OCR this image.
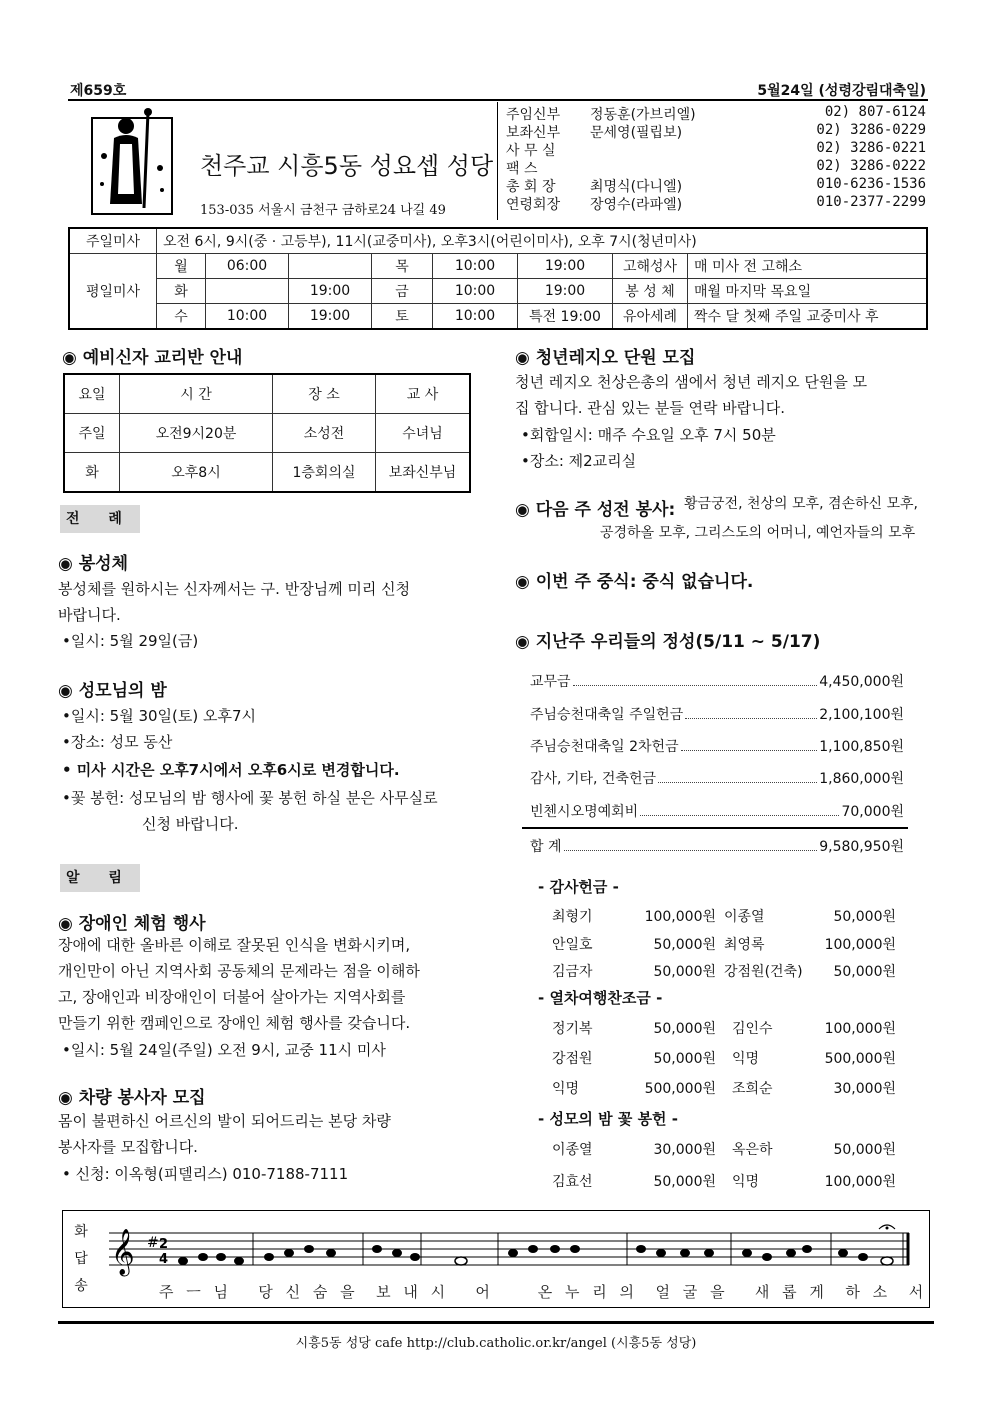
제659호	5월24일 (성령강림대축일)
천주교 시흥5동 성요셉 성당
153-035 서울시 금천구 금하로24 나길 49
주임신부 정동훈(가브리엘)	02) 807-6124
보좌신부 문세영(필립보)	02) 3286-0229
사 무 실	02) 3286-0221
팩 스	02) 3286-0222
총 회 장 최명식(다니엘)	010-6236-1536
연령회장 장영수(라파엘)	010-2377-2299
주일미사	오전 6시, 9시(중 · 고등부), 11시(교중미사), 오후3시(어린이미사), 오후 7시(청년미사)							
평일미사	월	06:00		목	10:00	19:00	고해성사	매 미사 전 고해소
	화		19:00	금	10:00	19:00	봉 성 체	매월 마지막 목요일
	수	10:00	19:00	토	10:00	특전 19:00	유아세례	짝수 달 첫째 주일 교중미사 후
◉ 예비신자 교리반 안내
요일	시 간	장 소	교 사
주일	오전9시20분	소성전	수녀님
화	오후8시	1층회의실	보좌신부님
전 례
◉ 봉성체
봉성체를 원하시는 신자께서는 구. 반장님께 미리 신청
바랍니다.
•일시: 5월 29일(금)
◉ 성모님의 밤
•일시: 5월 30일(토) 오후7시
•장소: 성모 동산
• 미사 시간은 오후7시에서 오후6시로 변경합니다.
•꽃 봉헌: 성모님의 밤 행사에 꽃 봉헌 하실 분은 사무실로
신청 바랍니다.
알 림
◉ 장애인 체험 행사
장애에 대한 올바른 이해로 잘못된 인식을 변화시키며,
개인만이 아닌 지역사회 공동체의 문제라는 점을 이해하
고, 장애인과 비장애인이 더불어 살아가는 지역사회를
만들기 위한 캠페인으로 장애인 체험 행사를 갖습니다.
•일시: 5월 24일(주일) 오전 9시, 교중 11시 미사
◉ 차량 봉사자 모집
몸이 불편하신 어르신의 발이 되어드리는 본당 차량
봉사자를 모집합니다.
• 신청: 이옥형(피델리스) 010-7188-7111
◉ 청년레지오 단원 모집
청년 레지오 천상은총의 샘에서 청년 레지오 단원을 모
집 합니다. 관심 있는 분들 연락 바랍니다.
•회합일시: 매주 수요일 오후 7시 50분
•장소: 제2교리실
◉ 다음 주 성전 봉사: 황금궁전, 천상의 모후, 겸손하신 모후,
공경하올 모후, 그리스도의 어머니, 예언자들의 모후
◉ 이번 주 중식: 중식 없습니다.
◉ 지난주 우리들의 정성(5/11 ~ 5/17)
교무금	4,450,000원
주님승천대축일 주일헌금	2,100,100원
주님승천대축일 2차헌금	1,100,850원
감사, 기타, 건축헌금	1,860,000원
빈첸시오명예회비	70,000원
합 계	9,580,950원
- 감사헌금 -
최형기	100,000원 이종열	50,000원
안일호	50,000원 최영록	100,000원
김금자	50,000원 강점원(건축)	50,000원
- 열차여행찬조금 -
정기복	50,000원 김인수	100,000원
강점원	50,000원 익명	500,000원
익명	500,000원 조희순	30,000원
- 성모의 밤 꽃 봉헌 -
이종열	30,000원 옥은하	50,000원
김효선	50,000원 익명	100,000원
화
답
송
𝄞 # 2
4
주 ㅡ 님   당 신 숨 을  보 내 시   어     온 누 리 의  얼 굴 을   새 롭 게  하 소  서
시흥5동 성당 cafe http://club.catholic.or.kr/angel (시흥5동 성당)
